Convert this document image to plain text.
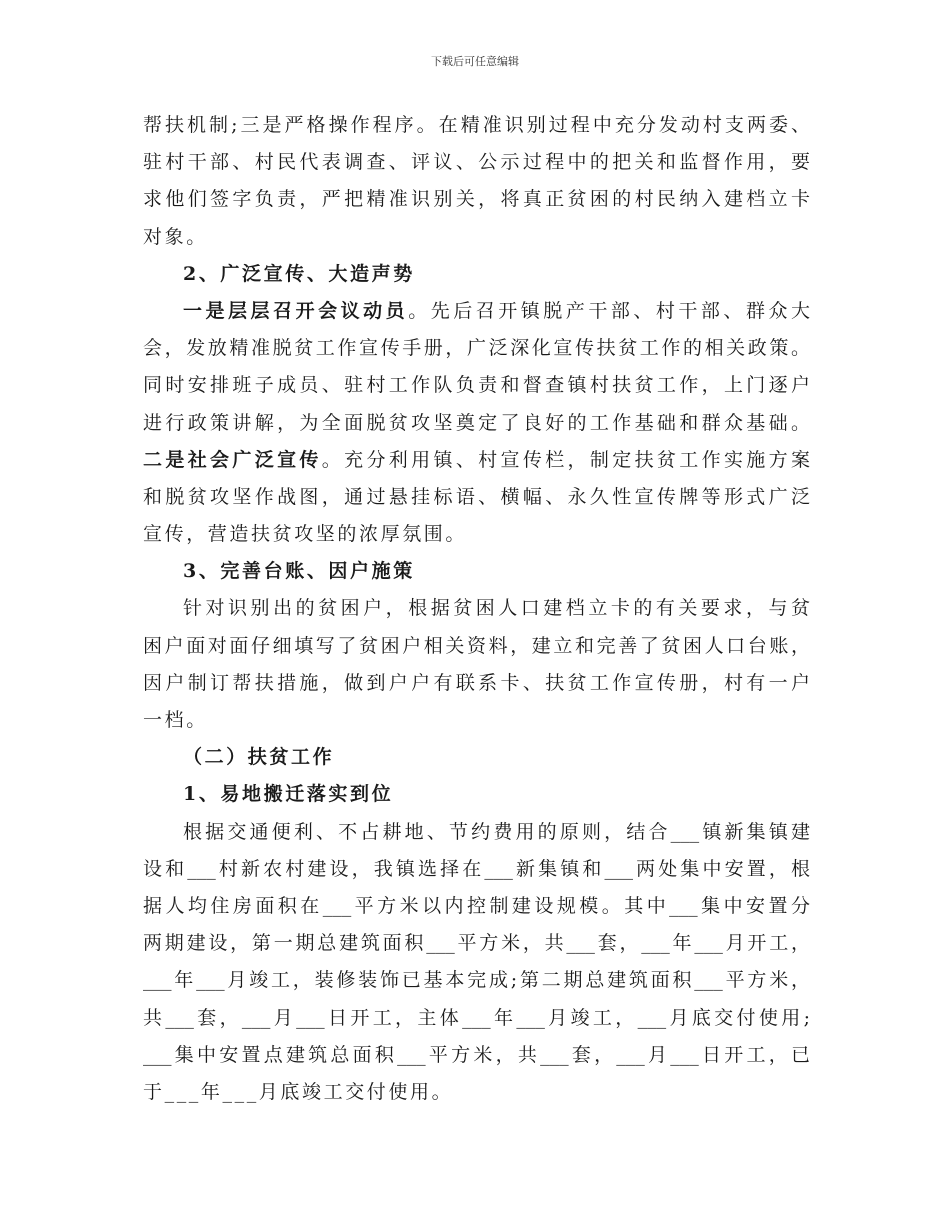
下载后可任意编辑
帮扶机制;三是严格操作程序。在精准识别过程中充分发动村支两委、
驻村干部、村民代表调查、评议、公示过程中的把关和监督作用，要
求他们签字负责，严把精准识别关，将真正贫困的村民纳入建档立卡
对象。
2、广泛宣传、大造声势
一是层层召开会议动员。先后召开镇脱产干部、村干部、群众大
会，发放精准脱贫工作宣传手册，广泛深化宣传扶贫工作的相关政策。
同时安排班子成员、驻村工作队负责和督查镇村扶贫工作，上门逐户
进行政策讲解，为全面脱贫攻坚奠定了良好的工作基础和群众基础。
二是社会广泛宣传。充分利用镇、村宣传栏，制定扶贫工作实施方案
和脱贫攻坚作战图，通过悬挂标语、横幅、永久性宣传牌等形式广泛
宣传，营造扶贫攻坚的浓厚氛围。
3、完善台账、因户施策
针对识别出的贫困户，根据贫困人口建档立卡的有关要求，与贫
困户面对面仔细填写了贫困户相关资料，建立和完善了贫困人口台账，
因户制订帮扶措施，做到户户有联系卡、扶贫工作宣传册，村有一户
一档。
（二）扶贫工作
1、易地搬迁落实到位
根据交通便利、不占耕地、节约费用的原则，结合___镇新集镇建
设和___村新农村建设，我镇选择在___新集镇和___两处集中安置，根
据人均住房面积在___平方米以内控制建设规模。其中___集中安置分
两期建设，第一期总建筑面积___平方米，共___套，___年___月开工，
___年___月竣工，装修装饰已基本完成;第二期总建筑面积___平方米，
共___套，___月___日开工，主体___年___月竣工，___月底交付使用;
___集中安置点建筑总面积___平方米，共___套，___月___日开工，已
于___年___月底竣工交付使用。
